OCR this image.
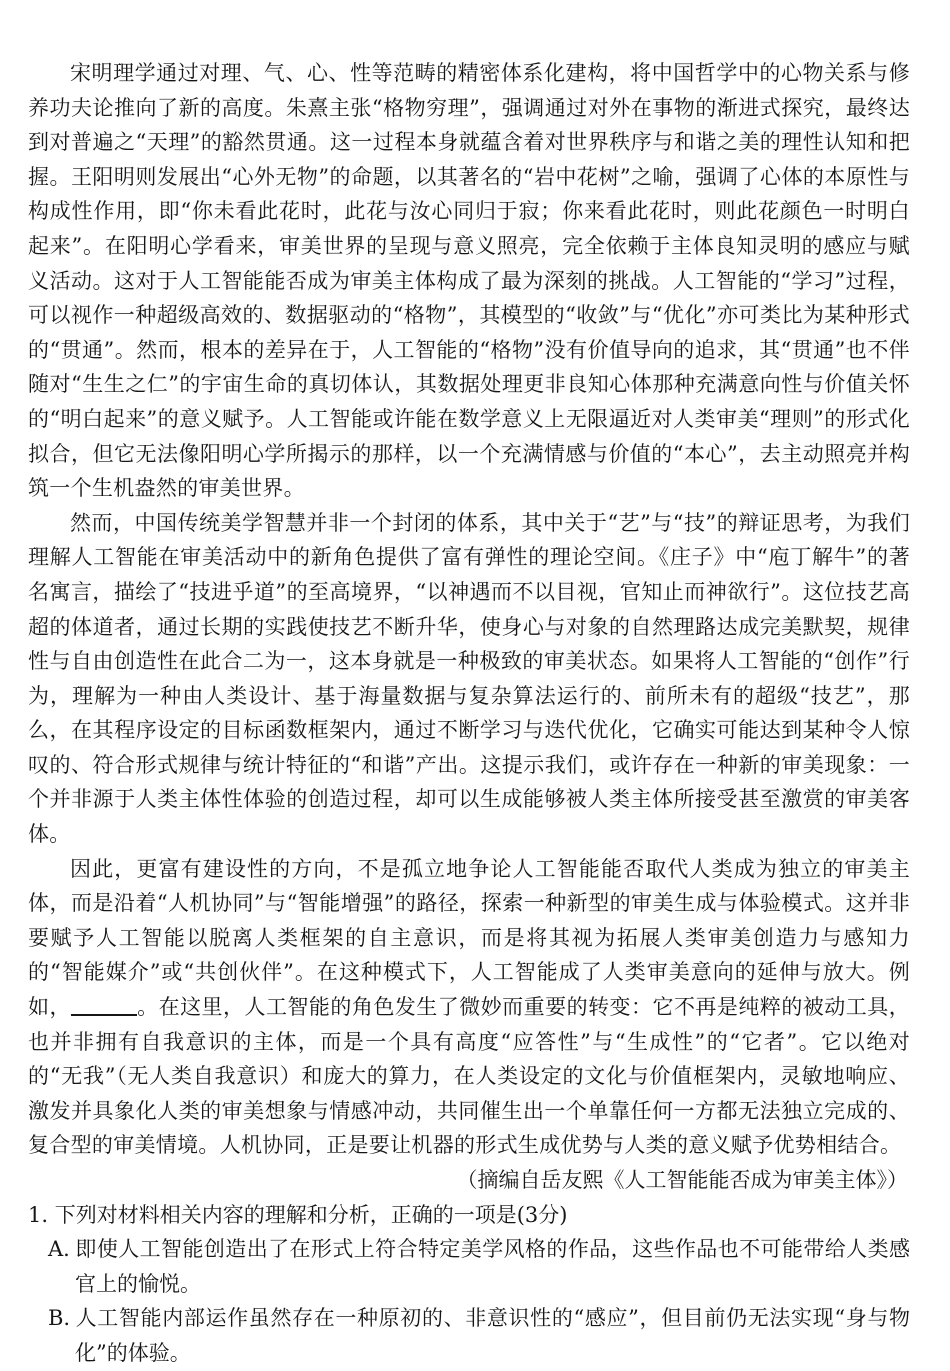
宋明理学通过对理、气、心、性等范畴的精密体系化建构，将中国哲学中的心物关系与修养功夫论推向了新的高度。朱熹主张“格物穷理”，强调通过对外在事物的渐进式探究，最终达到对普遍之“天理”的豁然贯通。这一过程本身就蕴含着对世界秩序与和谐之美的理性认知和把握。王阳明则发展出“心外无物”的命题，以其著名的“岩中花树”之喻，强调了心体的本原性与构成性作用，即“你未看此花时，此花与汝心同归于寂；你来看此花时，则此花颜色一时明白起来”。在阳明心学看来，审美世界的呈现与意义照亮，完全依赖于主体良知灵明的感应与赋义活动。这对于人工智能能否成为审美主体构成了最为深刻的挑战。人工智能的“学习”过程，可以视作一种超级高效的、数据驱动的“格物”，其模型的“收敛”与“优化”亦可类比为某种形式的“贯通”。然而，根本的差异在于，人工智能的“格物”没有价值导向的追求，其“贯通”也不伴随对“生生之仁”的宇宙生命的真切体认，其数据处理更非良知心体那种充满意向性与价值关怀的“明白起来”的意义赋予。人工智能或许能在数学意义上无限逼近对人类审美“理则”的形式化拟合，但它无法像阳明心学所揭示的那样，以一个充满情感与价值的“本心”，去主动照亮并构筑一个生机盎然的审美世界。

然而，中国传统美学智慧并非一个封闭的体系，其中关于“艺”与“技”的辩证思考，为我们理解人工智能在审美活动中的新角色提供了富有弹性的理论空间。《庄子》中“庖丁解牛”的著名寓言，描绘了“技进乎道”的至高境界，“以神遇而不以目视，官知止而神欲行”。这位技艺高超的体道者，通过长期的实践使技艺不断升华，使身心与对象的自然理路达成完美默契，规律性与自由创造性在此合二为一，这本身就是一种极致的审美状态。如果将人工智能的“创作”行为，理解为一种由人类设计、基于海量数据与复杂算法运行的、前所未有的超级“技艺”，那么，在其程序设定的目标函数框架内，通过不断学习与迭代优化，它确实可能达到某种令人惊叹的、符合形式规律与统计特征的“和谐”产出。这提示我们，或许存在一种新的审美现象：一个并非源于人类主体性体验的创造过程，却可以生成能够被人类主体所接受甚至激赏的审美客体。

因此，更富有建设性的方向，不是孤立地争论人工智能能否取代人类成为独立的审美主体，而是沿着“人机协同”与“智能增强”的路径，探索一种新型的审美生成与体验模式。这并非要赋予人工智能以脱离人类框架的自主意识，而是将其视为拓展人类审美创造力与感知力的“智能媒介”或“共创伙伴”。在这种模式下，人工智能成了人类审美意向的延伸与放大。例如，	。在这里，人工智能的角色发生了微妙而重要的转变：它不再是纯粹的被动工具，也并非拥有自我意识的主体，而是一个具有高度“应答性”与“生成性”的“它者”。它以绝对的“无我”（无人类自我意识）和庞大的算力，在人类设定的文化与价值框架内，灵敏地响应、激发并具象化人类的审美想象与情感冲动，共同催生出一个单靠任何一方都无法独立完成的、复合型的审美情境。人机协同，正是要让机器的形式生成优势与人类的意义赋予优势相结合。

（摘编自岳友熙《人工智能能否成为审美主体》）

1. 下列对材料相关内容的理解和分析，正确的一项是(3分)

A. 即使人工智能创造出了在形式上符合特定美学风格的作品，这些作品也不可能带给人类感官上的愉悦。

B. 人工智能内部运作虽然存在一种原初的、非意识性的“感应”，但目前仍无法实现“身与物化”的体验。
